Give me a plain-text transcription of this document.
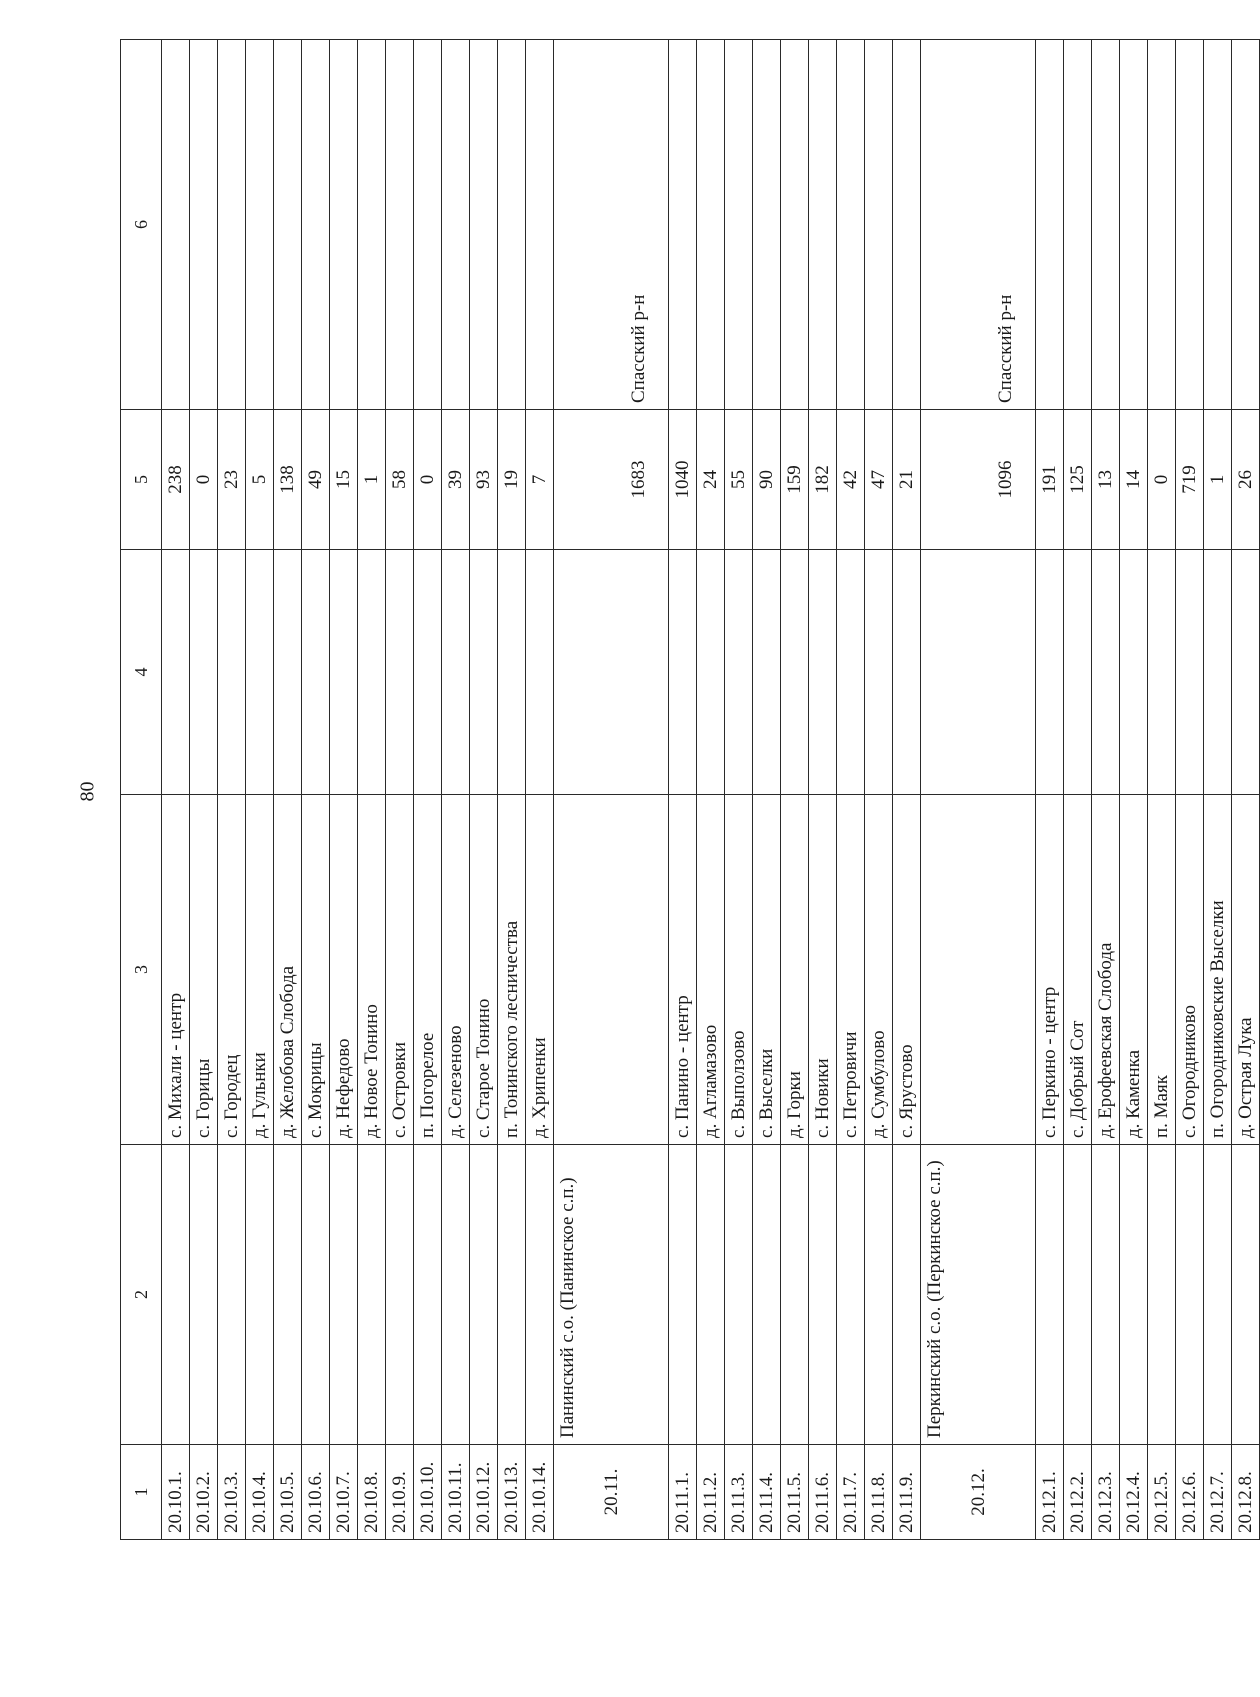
80
1	2	3	4	5	6
20.10.1.		с. Михали - центр		238	
20.10.2.		с. Горицы		0	
20.10.3.		с. Городец		23	
20.10.4.		д. Гульнки		5	
20.10.5.		д. Желобова Слобода		138	
20.10.6.		с. Мокрицы		49	
20.10.7.		д. Нефедово		15	
20.10.8.		д. Новое Тонино		1	
20.10.9.		с. Островки		58	
20.10.10.		п. Погорелое		0	
20.10.11.		д. Селезеново		39	
20.10.12.		с. Старое Тонино		93	
20.10.13.		п. Тонинского лесничества		19	
20.10.14.		д. Хрипенки		7	
20.11.	Панинский с.о. (Панинское с.п.)			1683	Спасский р-н
20.11.1.		с. Панино - центр		1040	
20.11.2.		д. Агламазово		24	
20.11.3.		с. Выползово		55	
20.11.4.		с. Выселки		90	
20.11.5.		д. Горки		159	
20.11.6.		с. Новики		182	
20.11.7.		с. Петровичи		42	
20.11.8.		д. Сумбулово		47	
20.11.9.		с. Ярустово		21	
20.12.	Перкинский с.о. (Перкинское с.п.)			1096	Спасский р-н
20.12.1.		с. Перкино - центр		191	
20.12.2.		с. Добрый Сот		125	
20.12.3.		д. Ерофеевская Слобода		13	
20.12.4.		д. Каменка		14	
20.12.5.		п. Маяк		0	
20.12.6.		с. Огородниково		719	
20.12.7.		п. Огородниковские Выселки		1	
20.12.8.		д. Острая Лука		26	
